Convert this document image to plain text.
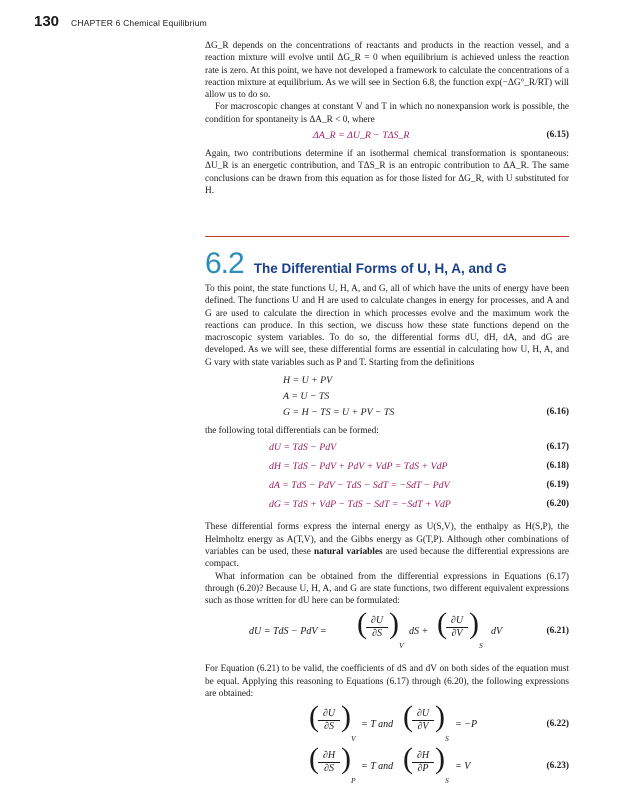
130 CHAPTER 6 Chemical Equilibrium

ΔG_R depends on the concentrations of reactants and products in the reaction vessel, and a reaction mixture will evolve until ΔG_R = 0 when equilibrium is achieved unless the reaction rate is zero. At this point, we have not developed a framework to calculate the concentrations of a reaction mixture at equilibrium. As we will see in Section 6.8, the function exp(−ΔG°_R/RT) will allow us to do so.

For macroscopic changes at constant V and T in which no nonexpansion work is possible, the condition for spontaneity is ΔA_R < 0, where

ΔA_R = ΔU_R − TΔS_R	(6.15)

Again, two contributions determine if an isothermal chemical transformation is spontaneous: ΔU_R is an energetic contribution, and TΔS_R is an entropic contribution to ΔA_R. The same conclusions can be drawn from this equation as for those listed for ΔG_R, with U substituted for H.

6.2 The Differential Forms of U, H, A, and G

To this point, the state functions U, H, A, and G, all of which have the units of energy have been defined. The functions U and H are used to calculate changes in energy for processes, and A and G are used to calculate the direction in which processes evolve and the maximum work the reactions can produce. In this section, we discuss how these state functions depend on the macroscopic system variables. To do so, the differential forms dU, dH, dA, and dG are developed. As we will see, these differential forms are essential in calculating how U, H, A, and G vary with state variables such as P and T. Starting from the definitions

H = U + PV
A = U − TS
G = H − TS = U + PV − TS	(6.16)

the following total differentials can be formed:

dU = TdS − PdV	(6.17)
dH = TdS − PdV + PdV + VdP = TdS + VdP	(6.18)
dA = TdS − PdV − TdS − SdT = −SdT − PdV	(6.19)
dG = TdS + VdP − TdS − SdT = −SdT + VdP	(6.20)

These differential forms express the internal energy as U(S,V), the enthalpy as H(S,P), the Helmholtz energy as A(T,V), and the Gibbs energy as G(T,P). Although other combinations of variables can be used, these natural variables are used because the differential expressions are compact.

What information can be obtained from the differential expressions in Equations (6.17) through (6.20)? Because U, H, A, and G are state functions, two different equivalent expressions such as those written for dU here can be formulated:

dU = TdS − PdV = ( $\frac{\partial U}{\partial S}$ )
V
dS + ( $\frac{\partial U}{\partial V}$ )
S
dV	(6.21)

For Equation (6.21) to be valid, the coefficients of dS and dV on both sides of the equation must be equal. Applying this reasoning to Equations (6.17) through (6.20), the following expressions are obtained:

( $\frac{\partial U}{\partial S}$ )
V
= T and ( $\frac{\partial U}{\partial V}$ )
S
= −P	(6.22)
( $\frac{\partial H}{\partial S}$ )
P
= T and ( $\frac{\partial H}{\partial P}$ )
S
= V	(6.23)
